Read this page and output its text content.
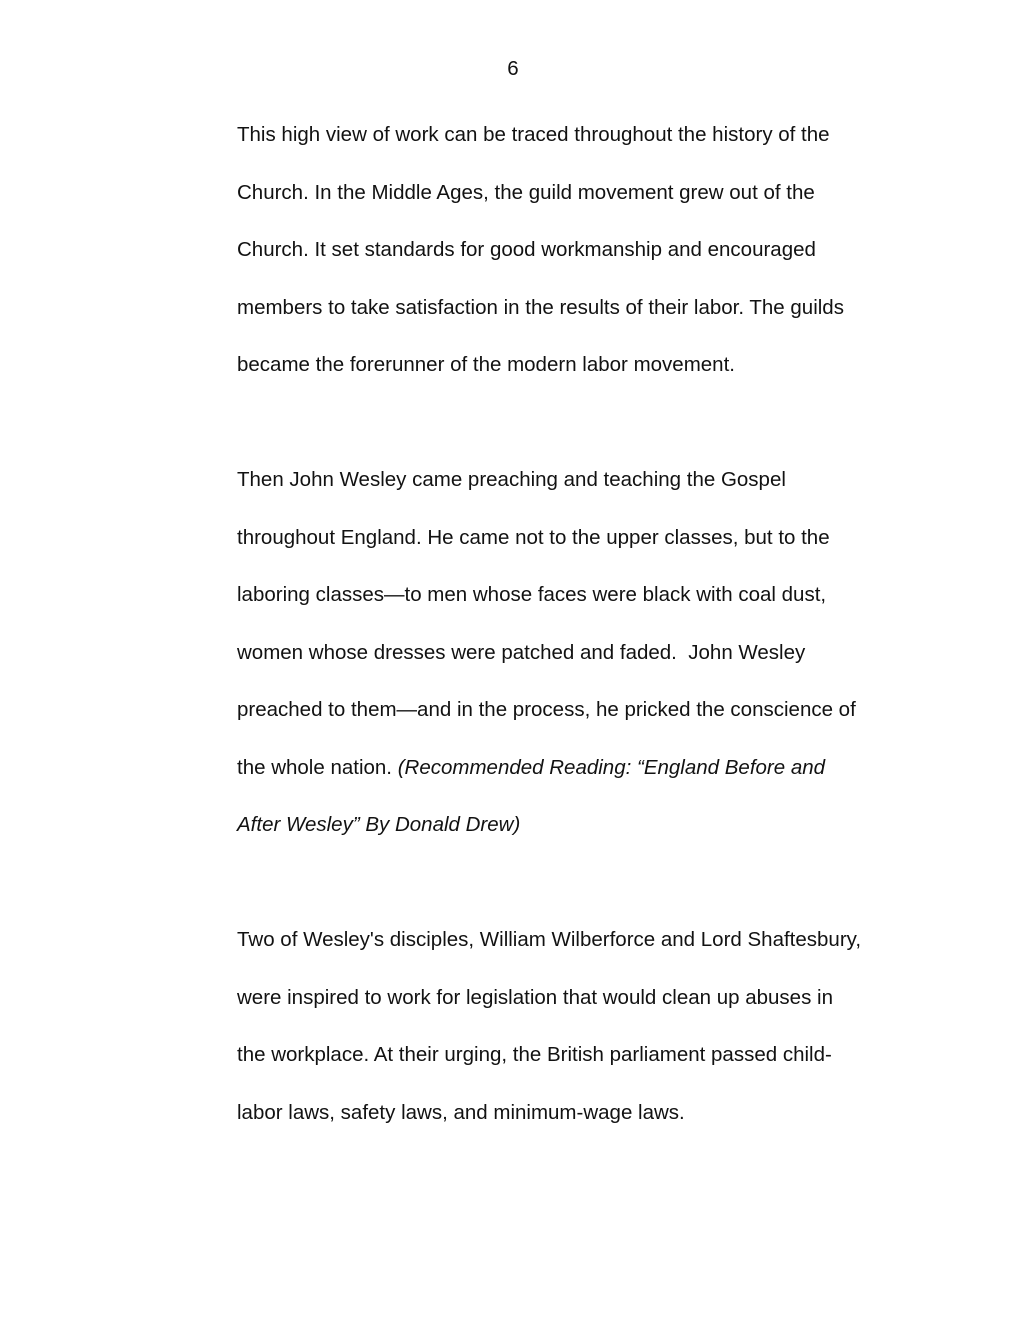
6
This high view of work can be traced throughout the history of the
Church. In the Middle Ages, the guild movement grew out of the
Church. It set standards for good workmanship and encouraged
members to take satisfaction in the results of their labor. The guilds
became the forerunner of the modern labor movement.
Then John Wesley came preaching and teaching the Gospel
throughout England. He came not to the upper classes, but to the
laboring classes—to men whose faces were black with coal dust,
women whose dresses were patched and faded.  John Wesley
preached to them—and in the process, he pricked the conscience of
the whole nation. (Recommended Reading: “England Before and
After Wesley” By Donald Drew)
Two of Wesley's disciples, William Wilberforce and Lord Shaftesbury,
were inspired to work for legislation that would clean up abuses in
the workplace. At their urging, the British parliament passed child-
labor laws, safety laws, and minimum-wage laws.
